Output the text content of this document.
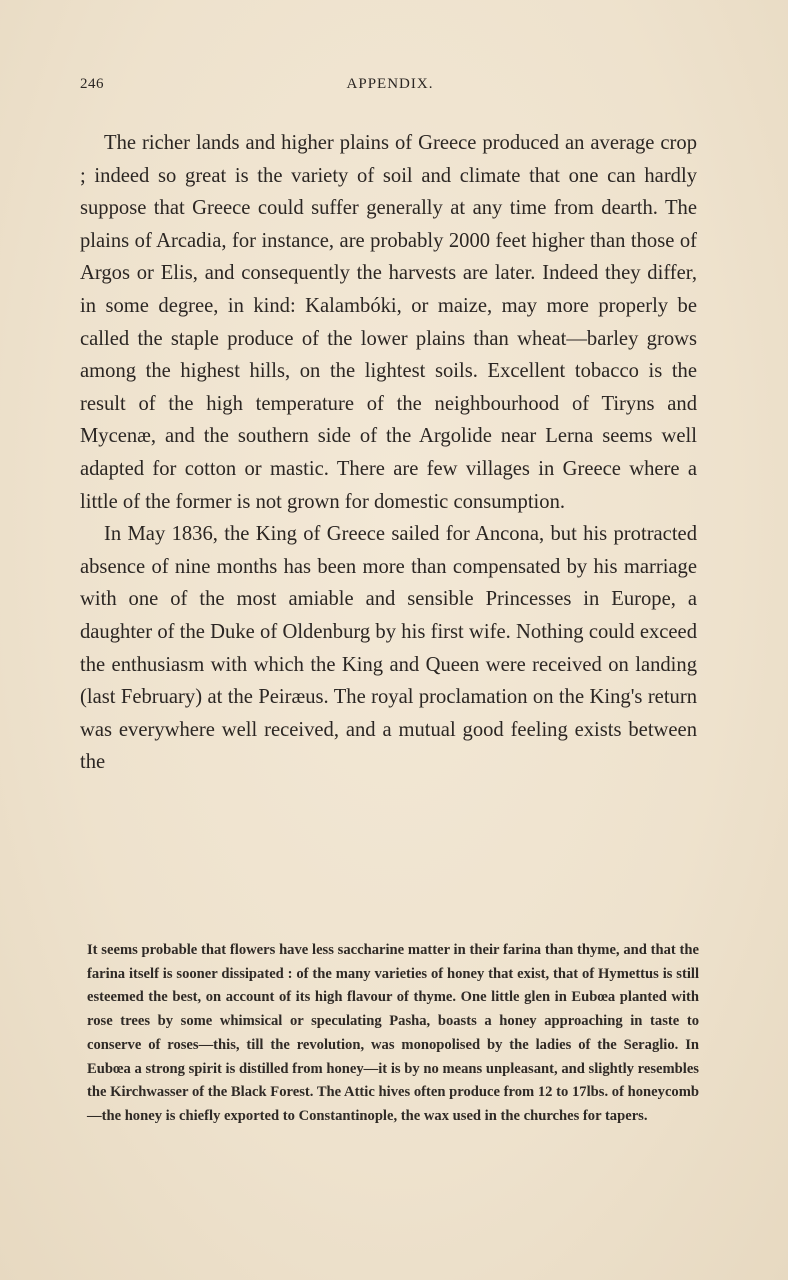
246	APPENDIX.

The richer lands and higher plains of Greece produced an average crop ; indeed so great is the variety of soil and climate that one can hardly suppose that Greece could suffer generally at any time from dearth. The plains of Arcadia, for instance, are probably 2000 feet higher than those of Argos or Elis, and consequently the harvests are later. Indeed they differ, in some degree, in kind: Kalambóki, or maize, may more properly be called the staple produce of the lower plains than wheat—barley grows among the highest hills, on the lightest soils. Excellent tobacco is the result of the high temperature of the neighbourhood of Tiryns and Mycenæ, and the southern side of the Argolide near Lerna seems well adapted for cotton or mastic. There are few villages in Greece where a little of the former is not grown for domestic consumption.

In May 1836, the King of Greece sailed for Ancona, but his protracted absence of nine months has been more than compensated by his marriage with one of the most amiable and sensible Princesses in Europe, a daughter of the Duke of Oldenburg by his first wife. Nothing could exceed the enthusiasm with which the King and Queen were received on landing (last February) at the Peiræus. The royal proclamation on the King's return was everywhere well received, and a mutual good feeling exists between the

It seems probable that flowers have less saccharine matter in their farina than thyme, and that the farina itself is sooner dissipated : of the many varieties of honey that exist, that of Hymettus is still esteemed the best, on account of its high flavour of thyme. One little glen in Eubœa planted with rose trees by some whimsical or speculating Pasha, boasts a honey approaching in taste to conserve of roses—this, till the revolution, was monopolised by the ladies of the Seraglio. In Eubœa a strong spirit is distilled from honey—it is by no means unpleasant, and slightly resembles the Kirchwasser of the Black Forest. The Attic hives often produce from 12 to 17lbs. of honeycomb—the honey is chiefly exported to Constantinople, the wax used in the churches for tapers.
